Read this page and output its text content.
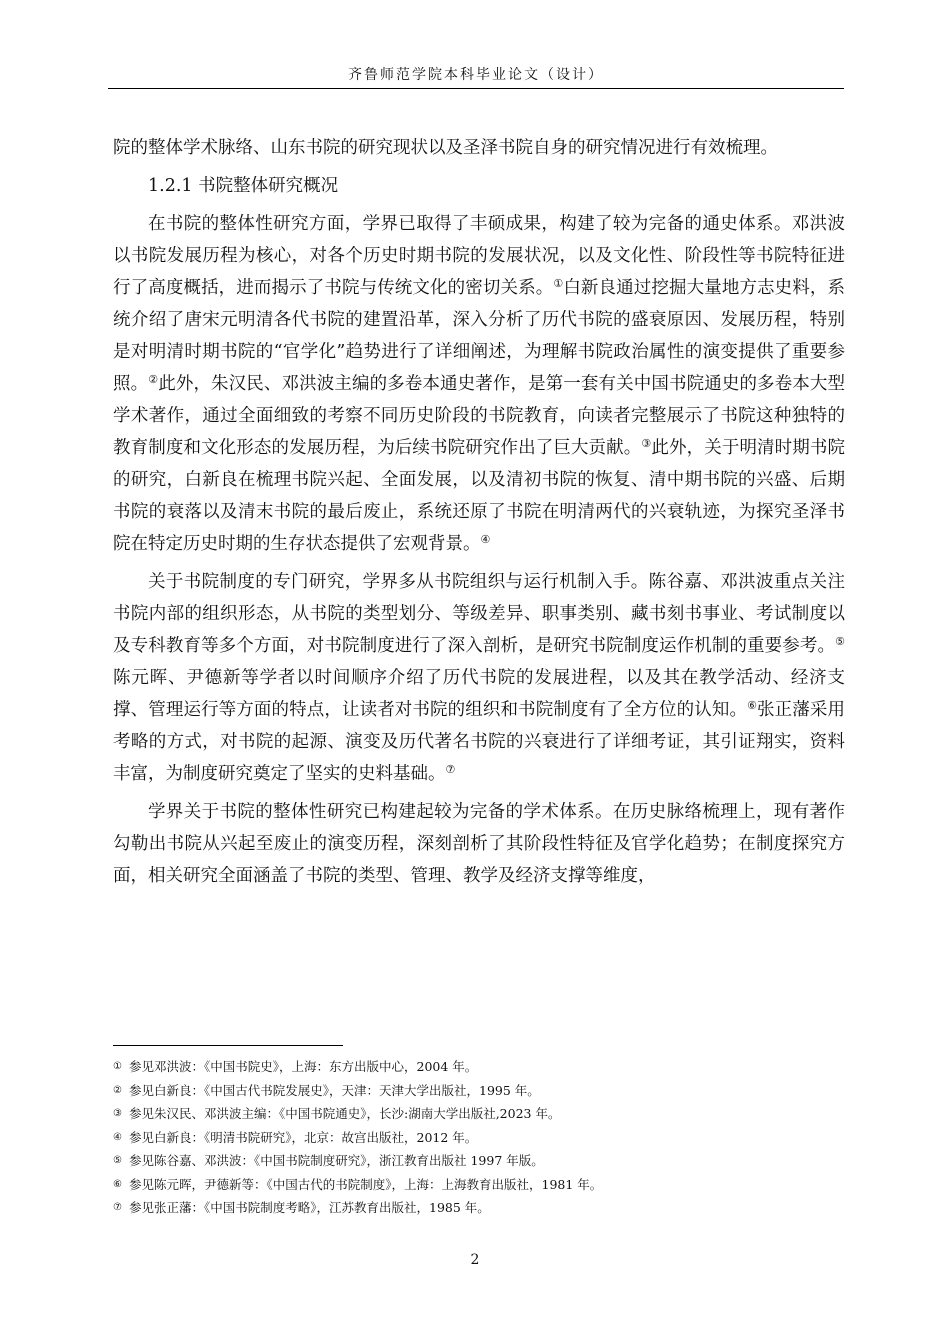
齐鲁师范学院本科毕业论文（设计）

院的整体学术脉络、山东书院的研究现状以及圣泽书院自身的研究情况进行有效梳理。

1.2.1 书院整体研究概况

在书院的整体性研究方面，学界已取得了丰硕成果，构建了较为完备的通史体系。邓洪波以书院发展历程为核心，对各个历史时期书院的发展状况，以及文化性、阶段性等书院特征进行了高度概括，进而揭示了书院与传统文化的密切关系。①白新良通过挖掘大量地方志史料，系统介绍了唐宋元明清各代书院的建置沿革，深入分析了历代书院的盛衰原因、发展历程，特别是对明清时期书院的“官学化”趋势进行了详细阐述，为理解书院政治属性的演变提供了重要参照。②此外，朱汉民、邓洪波主编的多卷本通史著作，是第一套有关中国书院通史的多卷本大型学术著作，通过全面细致的考察不同历史阶段的书院教育，向读者完整展示了书院这种独特的教育制度和文化形态的发展历程，为后续书院研究作出了巨大贡献。③此外，关于明清时期书院的研究，白新良在梳理书院兴起、全面发展，以及清初书院的恢复、清中期书院的兴盛、后期书院的衰落以及清末书院的最后废止，系统还原了书院在明清两代的兴衰轨迹，为探究圣泽书院在特定历史时期的生存状态提供了宏观背景。④

关于书院制度的专门研究，学界多从书院组织与运行机制入手。陈谷嘉、邓洪波重点关注书院内部的组织形态，从书院的类型划分、等级差异、职事类别、藏书刻书事业、考试制度以及专科教育等多个方面，对书院制度进行了深入剖析，是研究书院制度运作机制的重要参考。⑤陈元晖、尹德新等学者以时间顺序介绍了历代书院的发展进程，以及其在教学活动、经济支撑、管理运行等方面的特点，让读者对书院的组织和书院制度有了全方位的认知。⑥张正藩采用考略的方式，对书院的起源、演变及历代著名书院的兴衰进行了详细考证，其引证翔实，资料丰富，为制度研究奠定了坚实的史料基础。⑦

学界关于书院的整体性研究已构建起较为完备的学术体系。在历史脉络梳理上，现有著作勾勒出书院从兴起至废止的演变历程，深刻剖析了其阶段性特征及官学化趋势；在制度探究方面，相关研究全面涵盖了书院的类型、管理、教学及经济支撑等维度，

① 参见邓洪波：《中国书院史》，上海：东方出版中心，2004 年。
② 参见白新良：《中国古代书院发展史》，天津：天津大学出版社，1995 年。
③ 参见朱汉民、邓洪波主编：《中国书院通史》，长沙:湖南大学出版社,2023 年。
④ 参见白新良：《明清书院研究》，北京：故宫出版社，2012 年。
⑤ 参见陈谷嘉、邓洪波：《中国书院制度研究》，浙江教育出版社 1997 年版。
⑥ 参见陈元晖，尹德新等：《中国古代的书院制度》，上海：上海教育出版社，1981 年。
⑦ 参见张正藩：《中国书院制度考略》，江苏教育出版社，1985 年。
2
